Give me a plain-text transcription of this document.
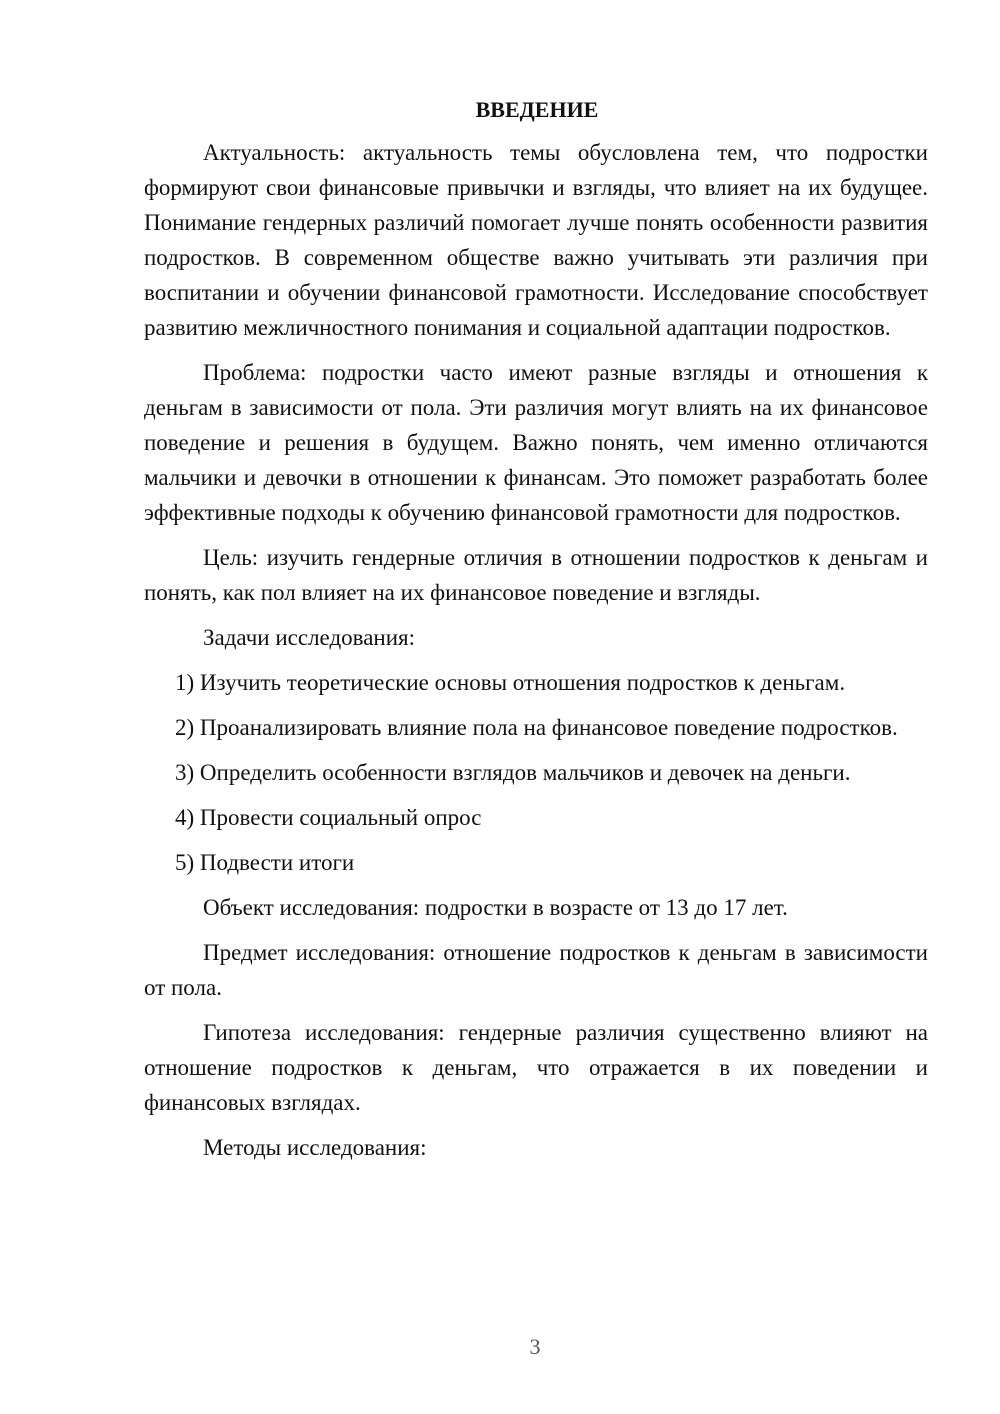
ВВЕДЕНИЕ

Актуальность: актуальность темы обусловлена тем, что подростки формируют свои финансовые привычки и взгляды, что влияет на их будущее. Понимание гендерных различий помогает лучше понять особенности развития подростков. В современном обществе важно учитывать эти различия при воспитании и обучении финансовой грамотности. Исследование способствует развитию межличностного понимания и социальной адаптации подростков.

Проблема: подростки часто имеют разные взгляды и отношения к деньгам в зависимости от пола. Эти различия могут влиять на их финансовое поведение и решения в будущем. Важно понять, чем именно отличаются мальчики и девочки в отношении к финансам. Это поможет разработать более эффективные подходы к обучению финансовой грамотности для подростков.

Цель: изучить гендерные отличия в отношении подростков к деньгам и понять, как пол влияет на их финансовое поведение и взгляды.

Задачи исследования:

1) Изучить теоретические основы отношения подростков к деньгам.

2) Проанализировать влияние пола на финансовое поведение подростков.

3) Определить особенности взглядов мальчиков и девочек на деньги.

4) Провести социальный опрос

5) Подвести итоги

Объект исследования: подростки в возрасте от 13 до 17 лет.

Предмет исследования: отношение подростков к деньгам в зависимости от пола.

Гипотеза исследования: гендерные различия существенно влияют на отношение подростков к деньгам, что отражается в их поведении и финансовых взглядах.

Методы исследования:

3
